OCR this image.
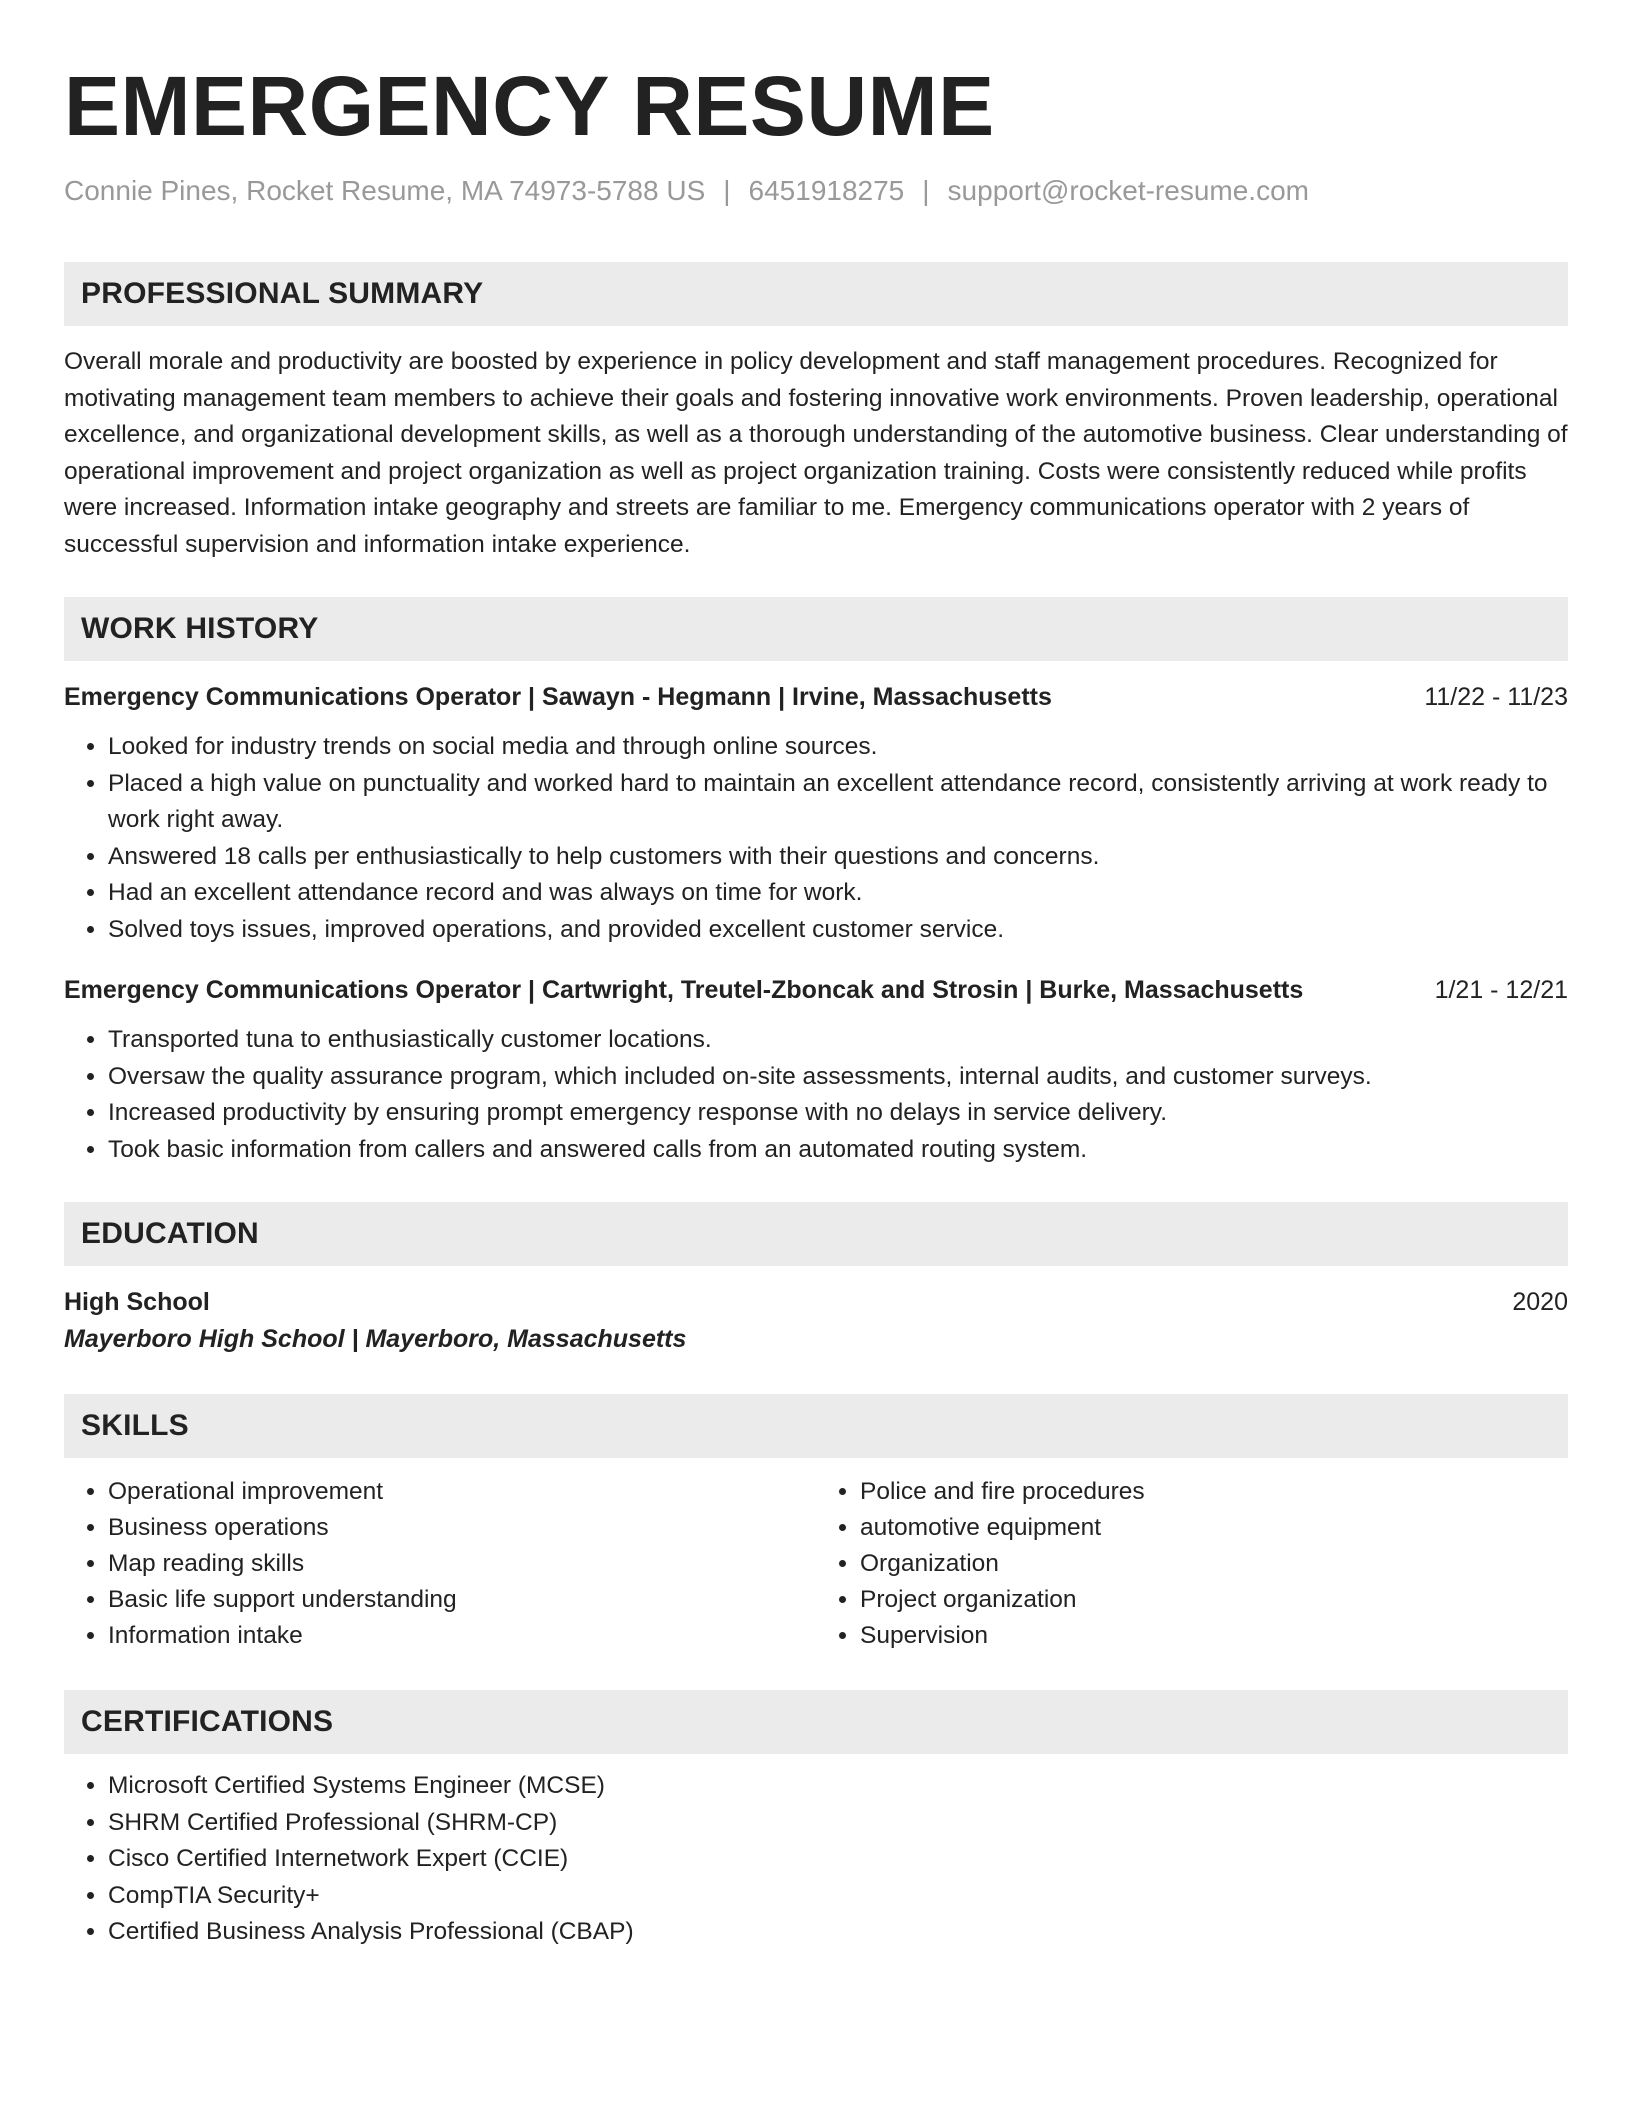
EMERGENCY RESUME
Connie Pines, Rocket Resume, MA 74973-5788 US | 6451918275 | support@rocket-resume.com
PROFESSIONAL SUMMARY
Overall morale and productivity are boosted by experience in policy development and staff management procedures. Recognized for motivating management team members to achieve their goals and fostering innovative work environments. Proven leadership, operational excellence, and organizational development skills, as well as a thorough understanding of the automotive business. Clear understanding of operational improvement and project organization as well as project organization training. Costs were consistently reduced while profits were increased. Information intake geography and streets are familiar to me. Emergency communications operator with 2 years of successful supervision and information intake experience.
WORK HISTORY
Emergency Communications Operator | Sawayn - Hegmann | Irvine, Massachusetts	11/22 - 11/23
• Looked for industry trends on social media and through online sources.
• Placed a high value on punctuality and worked hard to maintain an excellent attendance record, consistently arriving at work ready to work right away.
• Answered 18 calls per enthusiastically to help customers with their questions and concerns.
• Had an excellent attendance record and was always on time for work.
• Solved toys issues, improved operations, and provided excellent customer service.
Emergency Communications Operator | Cartwright, Treutel-Zboncak and Strosin | Burke, Massachusetts	1/21 - 12/21
• Transported tuna to enthusiastically customer locations.
• Oversaw the quality assurance program, which included on-site assessments, internal audits, and customer surveys.
• Increased productivity by ensuring prompt emergency response with no delays in service delivery.
• Took basic information from callers and answered calls from an automated routing system.
EDUCATION
High School	2020
Mayerboro High School | Mayerboro, Massachusetts
SKILLS
• Operational improvement
• Business operations
• Map reading skills
• Basic life support understanding
• Information intake
• Police and fire procedures
• automotive equipment
• Organization
• Project organization
• Supervision
CERTIFICATIONS
• Microsoft Certified Systems Engineer (MCSE)
• SHRM Certified Professional (SHRM-CP)
• Cisco Certified Internetwork Expert (CCIE)
• CompTIA Security+
• Certified Business Analysis Professional (CBAP)
